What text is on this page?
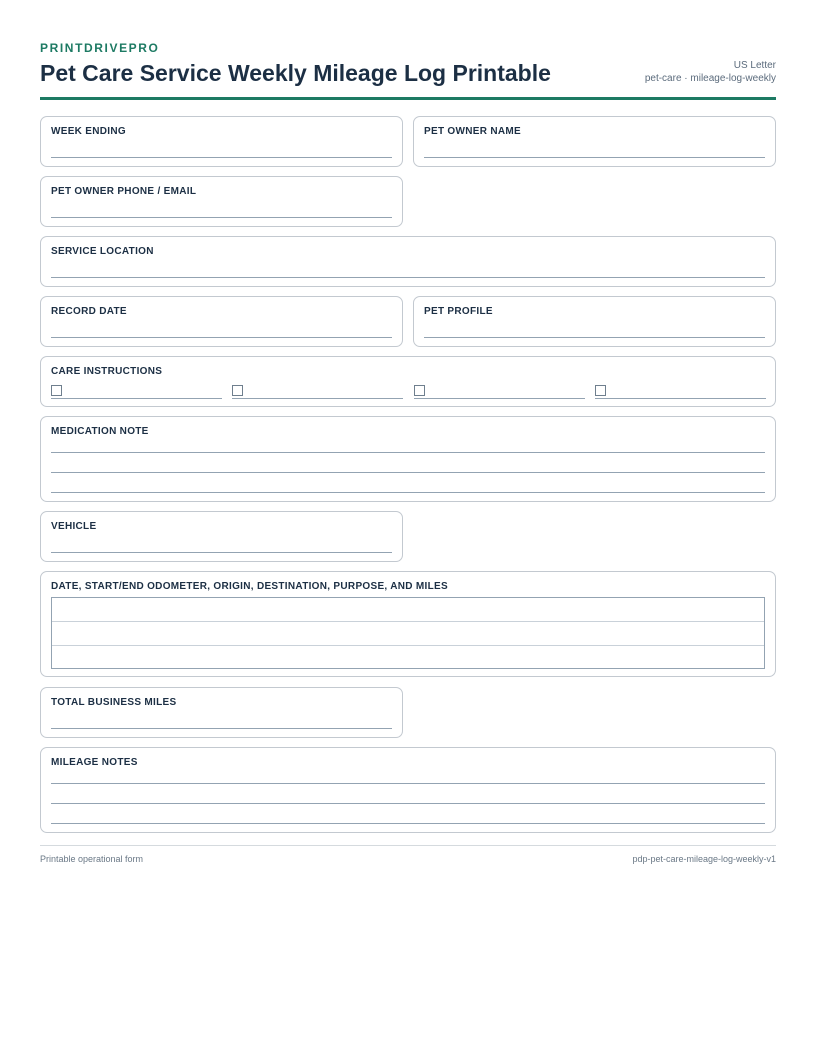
PRINTDRIVEPRO
Pet Care Service Weekly Mileage Log Printable	US Letter
pet-care · mileage-log-weekly
WEEK ENDING	PET OWNER NAME
PET OWNER PHONE / EMAIL
SERVICE LOCATION
RECORD DATE	PET PROFILE
CARE INSTRUCTIONS
MEDICATION NOTE
VEHICLE
DATE, START/END ODOMETER, ORIGIN, DESTINATION, PURPOSE, AND MILES
TOTAL BUSINESS MILES
MILEAGE NOTES
Printable operational form	pdp-pet-care-mileage-log-weekly-v1
